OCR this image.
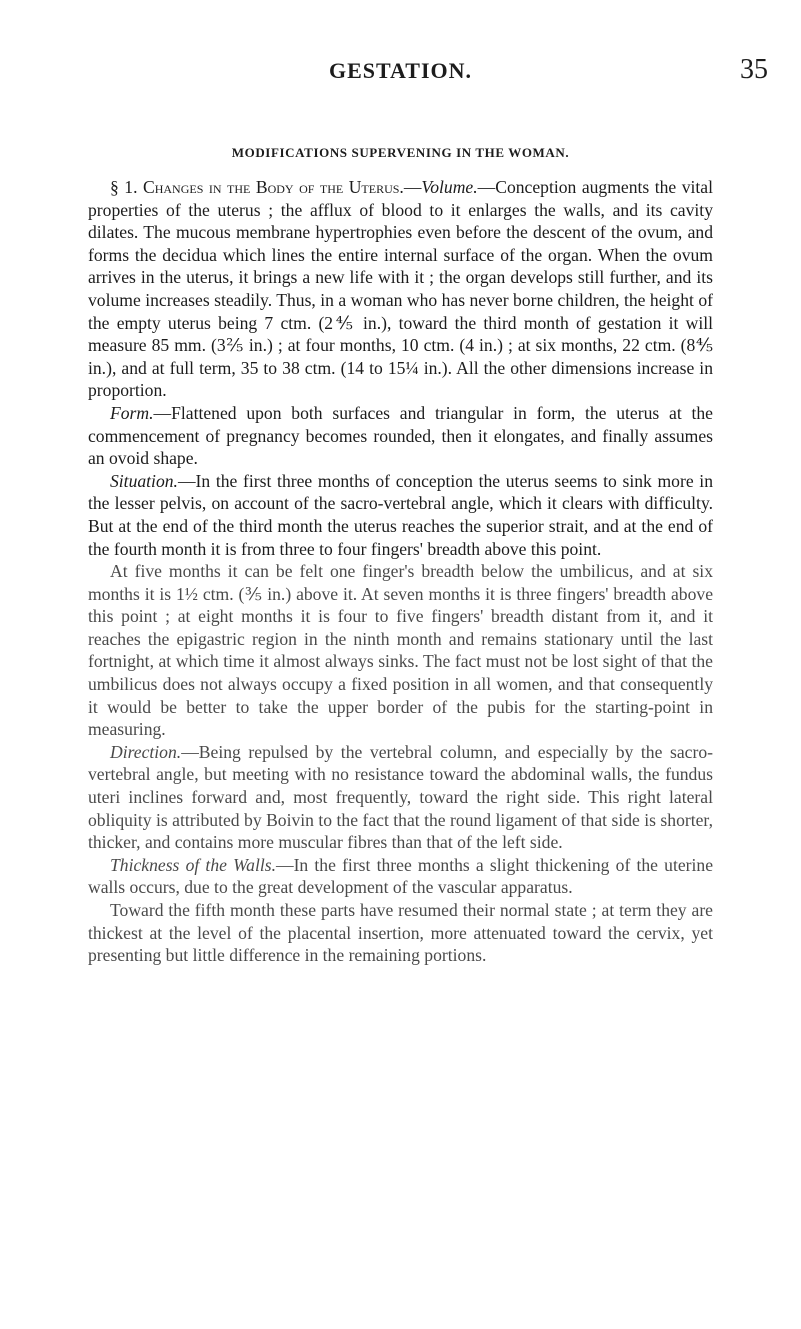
GESTATION.	35
MODIFICATIONS SUPERVENING IN THE WOMAN.

§ 1. Changes in the Body of the Uterus.—Volume.—Conception augments the vital properties of the uterus ; the afflux of blood to it enlarges the walls, and its cavity dilates. The mucous membrane hypertrophies even before the descent of the ovum, and forms the decidua which lines the entire internal surface of the organ. When the ovum arrives in the uterus, it brings a new life with it ; the organ develops still further, and its volume increases steadily. Thus, in a woman who has never borne children, the height of the empty uterus being 7 ctm. (2⅘ in.), toward the third month of gestation it will measure 85 mm. (3⅖ in.) ; at four months, 10 ctm. (4 in.) ; at six months, 22 ctm. (8⅘ in.), and at full term, 35 to 38 ctm. (14 to 15¼ in.). All the other dimensions increase in proportion.

Form.—Flattened upon both surfaces and triangular in form, the uterus at the commencement of pregnancy becomes rounded, then it elongates, and finally assumes an ovoid shape.

Situation.—In the first three months of conception the uterus seems to sink more in the lesser pelvis, on account of the sacro-vertebral angle, which it clears with difficulty. But at the end of the third month the uterus reaches the superior strait, and at the end of the fourth month it is from three to four fingers' breadth above this point.

At five months it can be felt one finger's breadth below the umbilicus, and at six months it is 1½ ctm. (⅗ in.) above it. At seven months it is three fingers' breadth above this point ; at eight months it is four to five fingers' breadth distant from it, and it reaches the epigastric region in the ninth month and remains stationary until the last fortnight, at which time it almost always sinks. The fact must not be lost sight of that the umbilicus does not always occupy a fixed position in all women, and that consequently it would be better to take the upper border of the pubis for the starting-point in measuring.

Direction.—Being repulsed by the vertebral column, and especially by the sacro-vertebral angle, but meeting with no resistance toward the abdominal walls, the fundus uteri inclines forward and, most frequently, toward the right side. This right lateral obliquity is attributed by Boivin to the fact that the round ligament of that side is shorter, thicker, and contains more muscular fibres than that of the left side.

Thickness of the Walls.—In the first three months a slight thickening of the uterine walls occurs, due to the great development of the vascular apparatus.

Toward the fifth month these parts have resumed their normal state ; at term they are thickest at the level of the placental insertion, more attenuated toward the cervix, yet presenting but little difference in the remaining portions.
